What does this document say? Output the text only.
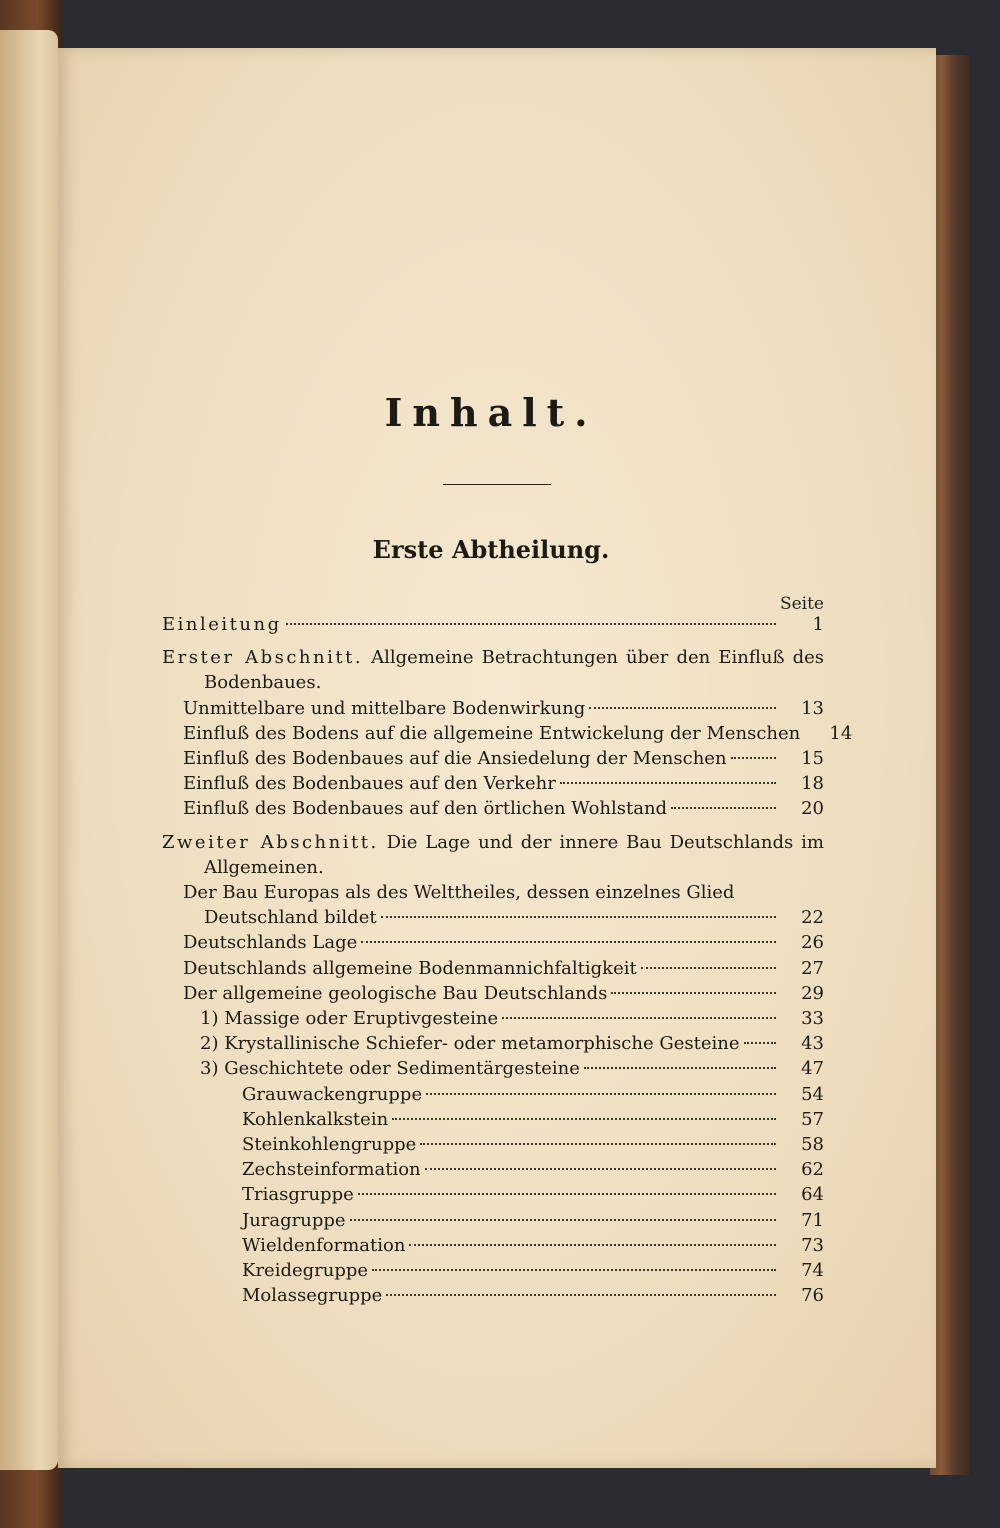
Inhalt.
Erste Abtheilung.
Seite
Einleitung	1
Erster Abschnitt. Allgemeine Betrachtungen über den Einfluß des Bodenbaues.
Unmittelbare und mittelbare Bodenwirkung	13
Einfluß des Bodens auf die allgemeine Entwickelung der Menschen	14
Einfluß des Bodenbaues auf die Ansiedelung der Menschen	15
Einfluß des Bodenbaues auf den Verkehr	18
Einfluß des Bodenbaues auf den örtlichen Wohlstand	20
Zweiter Abschnitt. Die Lage und der innere Bau Deutschlands im Allgemeinen.
Der Bau Europas als des Welttheiles, dessen einzelnes Glied
Deutschland bildet	22
Deutschlands Lage	26
Deutschlands allgemeine Bodenmannichfaltigkeit	27
Der allgemeine geologische Bau Deutschlands	29
1) Massige oder Eruptivgesteine	33
2) Krystallinische Schiefer- oder metamorphische Gesteine	43
3) Geschichtete oder Sedimentärgesteine	47
Grauwackengruppe	54
Kohlenkalkstein	57
Steinkohlengruppe	58
Zechsteinformation	62
Triasgruppe	64
Juragruppe	71
Wieldenformation	73
Kreidegruppe	74
Molassegruppe	76
